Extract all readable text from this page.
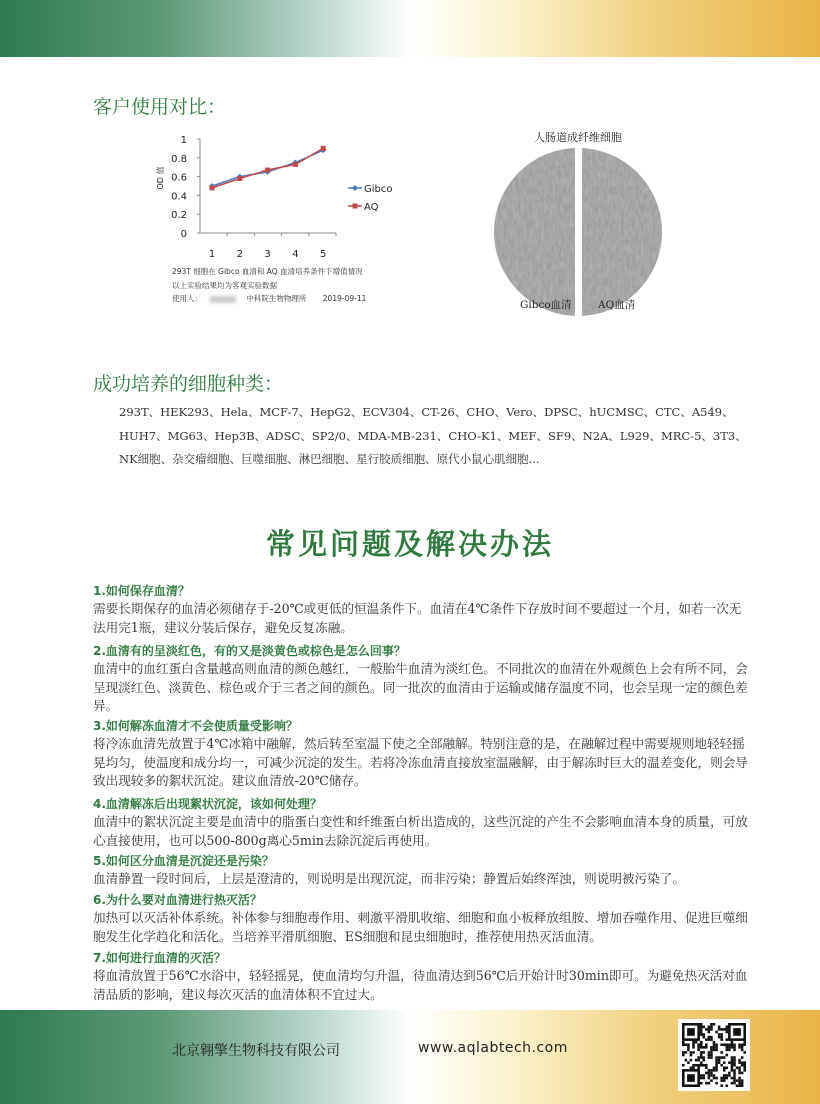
客户使用对比：
0
0.2
0.4
0.6
0.8
1
1 2 3 4 5
OD 值	Gibco
AQ
293T 细胞在 Gibco 血清和 AQ 血清培养条件下增值情况
以上实验结果均为客观实验数据
使用人：	中科院生物物理所 2019-09-11
人肠道成纤维细胞
Gibco血清	AQ血清
成功培养的细胞种类：
293T、HEK293、Hela、MCF-7、HepG2、ECV304、CT-26、CHO、Vero、DPSC、hUCMSC、CTC、A549、
HUH7、MG63、Hep3B、ADSC、SP2/0、MDA-MB-231、CHO-K1、MEF、SF9、N2A、L929、MRC-5、3T3、
NK细胞、杂交瘤细胞、巨噬细胞、淋巴细胞、星行胶质细胞、原代小鼠心肌细胞...
常见问题及解决办法
1.如何保存血清？
需要长期保存的血清必须储存于-20℃或更低的恒温条件下。血清在4℃条件下存放时间不要超过一个月，如若一次无法用完1瓶，建议分装后保存，避免反复冻融。
2.血清有的呈淡红色，有的又是淡黄色或棕色是怎么回事？
血清中的血红蛋白含量越高则血清的颜色越红，一般胎牛血清为淡红色。不同批次的血清在外观颜色上会有所不同，会呈现淡红色、淡黄色、棕色或介于三者之间的颜色。同一批次的血清由于运输或储存温度不同，也会呈现一定的颜色差异。
3.如何解冻血清才不会使质量受影响？
将冷冻血清先放置于4℃冰箱中融解，然后转至室温下使之全部融解。特别注意的是，在融解过程中需要规则地轻轻摇晃均匀，使温度和成分均一，可减少沉淀的发生。若将冷冻血清直接放室温融解，由于解冻时巨大的温差变化，则会导致出现较多的絮状沉淀。建议血清放-20℃储存。
4.血清解冻后出现絮状沉淀，该如何处理？
血清中的絮状沉淀主要是血清中的脂蛋白变性和纤维蛋白析出造成的，这些沉淀的产生不会影响血清本身的质量，可放心直接使用，也可以500-800g离心5min去除沉淀后再使用。
5.如何区分血清是沉淀还是污染？
血清静置一段时间后，上层是澄清的，则说明是出现沉淀，而非污染；静置后始终浑浊，则说明被污染了。
6.为什么要对血清进行热灭活？
加热可以灭活补体系统。补体参与细胞毒作用、刺激平滑肌收缩、细胞和血小板释放组胺、增加吞噬作用、促进巨噬细胞发生化学趋化和活化。当培养平滑肌细胞、ES细胞和昆虫细胞时，推荐使用热灭活血清。
7.如何进行血清的灭活？
将血清放置于56℃水浴中，轻轻摇晃，使血清均匀升温，待血清达到56℃后开始计时30min即可。为避免热灭活对血清品质的影响，建议每次灭活的血清体积不宜过大。
北京翱擎生物科技有限公司	www.aqlabtech.com
